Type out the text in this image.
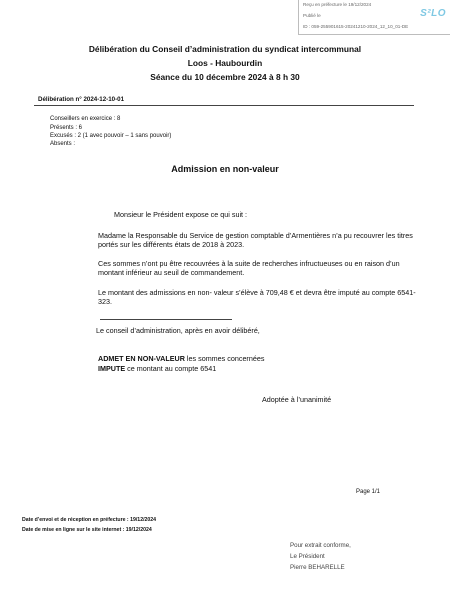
Reçu en préfecture le 19/12/2024
Publié le
ID : 059-255901615-20241210-2024_12_10_01-DE
S²LO
Délibération du Conseil d’administration du syndicat intercommunal
Loos - Haubourdin
Séance du 10 décembre 2024 à 8 h 30
Délibération n° 2024-12-10-01
Conseillers en exercice : 8
Présents : 6
Excusés : 2 (1 avec pouvoir – 1 sans pouvoir)
Absents :
Admission en non-valeur
Monsieur le Président expose ce qui suit :
Madame la Responsable du Service de gestion comptable d’Armentières n’a pu recouvrer les titres portés sur les différents états de 2018 à 2023.
Ces sommes n’ont pu être recouvrées à la suite de recherches infructueuses ou en raison d’un montant inférieur au seuil de commandement.
Le montant des admissions en non- valeur s’élève à 709,48 € et devra être imputé au compte 6541-323.
Le conseil d’administration, après en avoir délibéré,
ADMET EN NON-VALEUR les sommes concernées
IMPUTE ce montant au compte 6541
Adoptée à l’unanimité
Page 1/1
Date d’envoi et de réception en préfecture : 19/12/2024
Date de mise en ligne sur le site internet : 19/12/2024
Pour extrait conforme,
Le Président
Pierre BEHARELLE
